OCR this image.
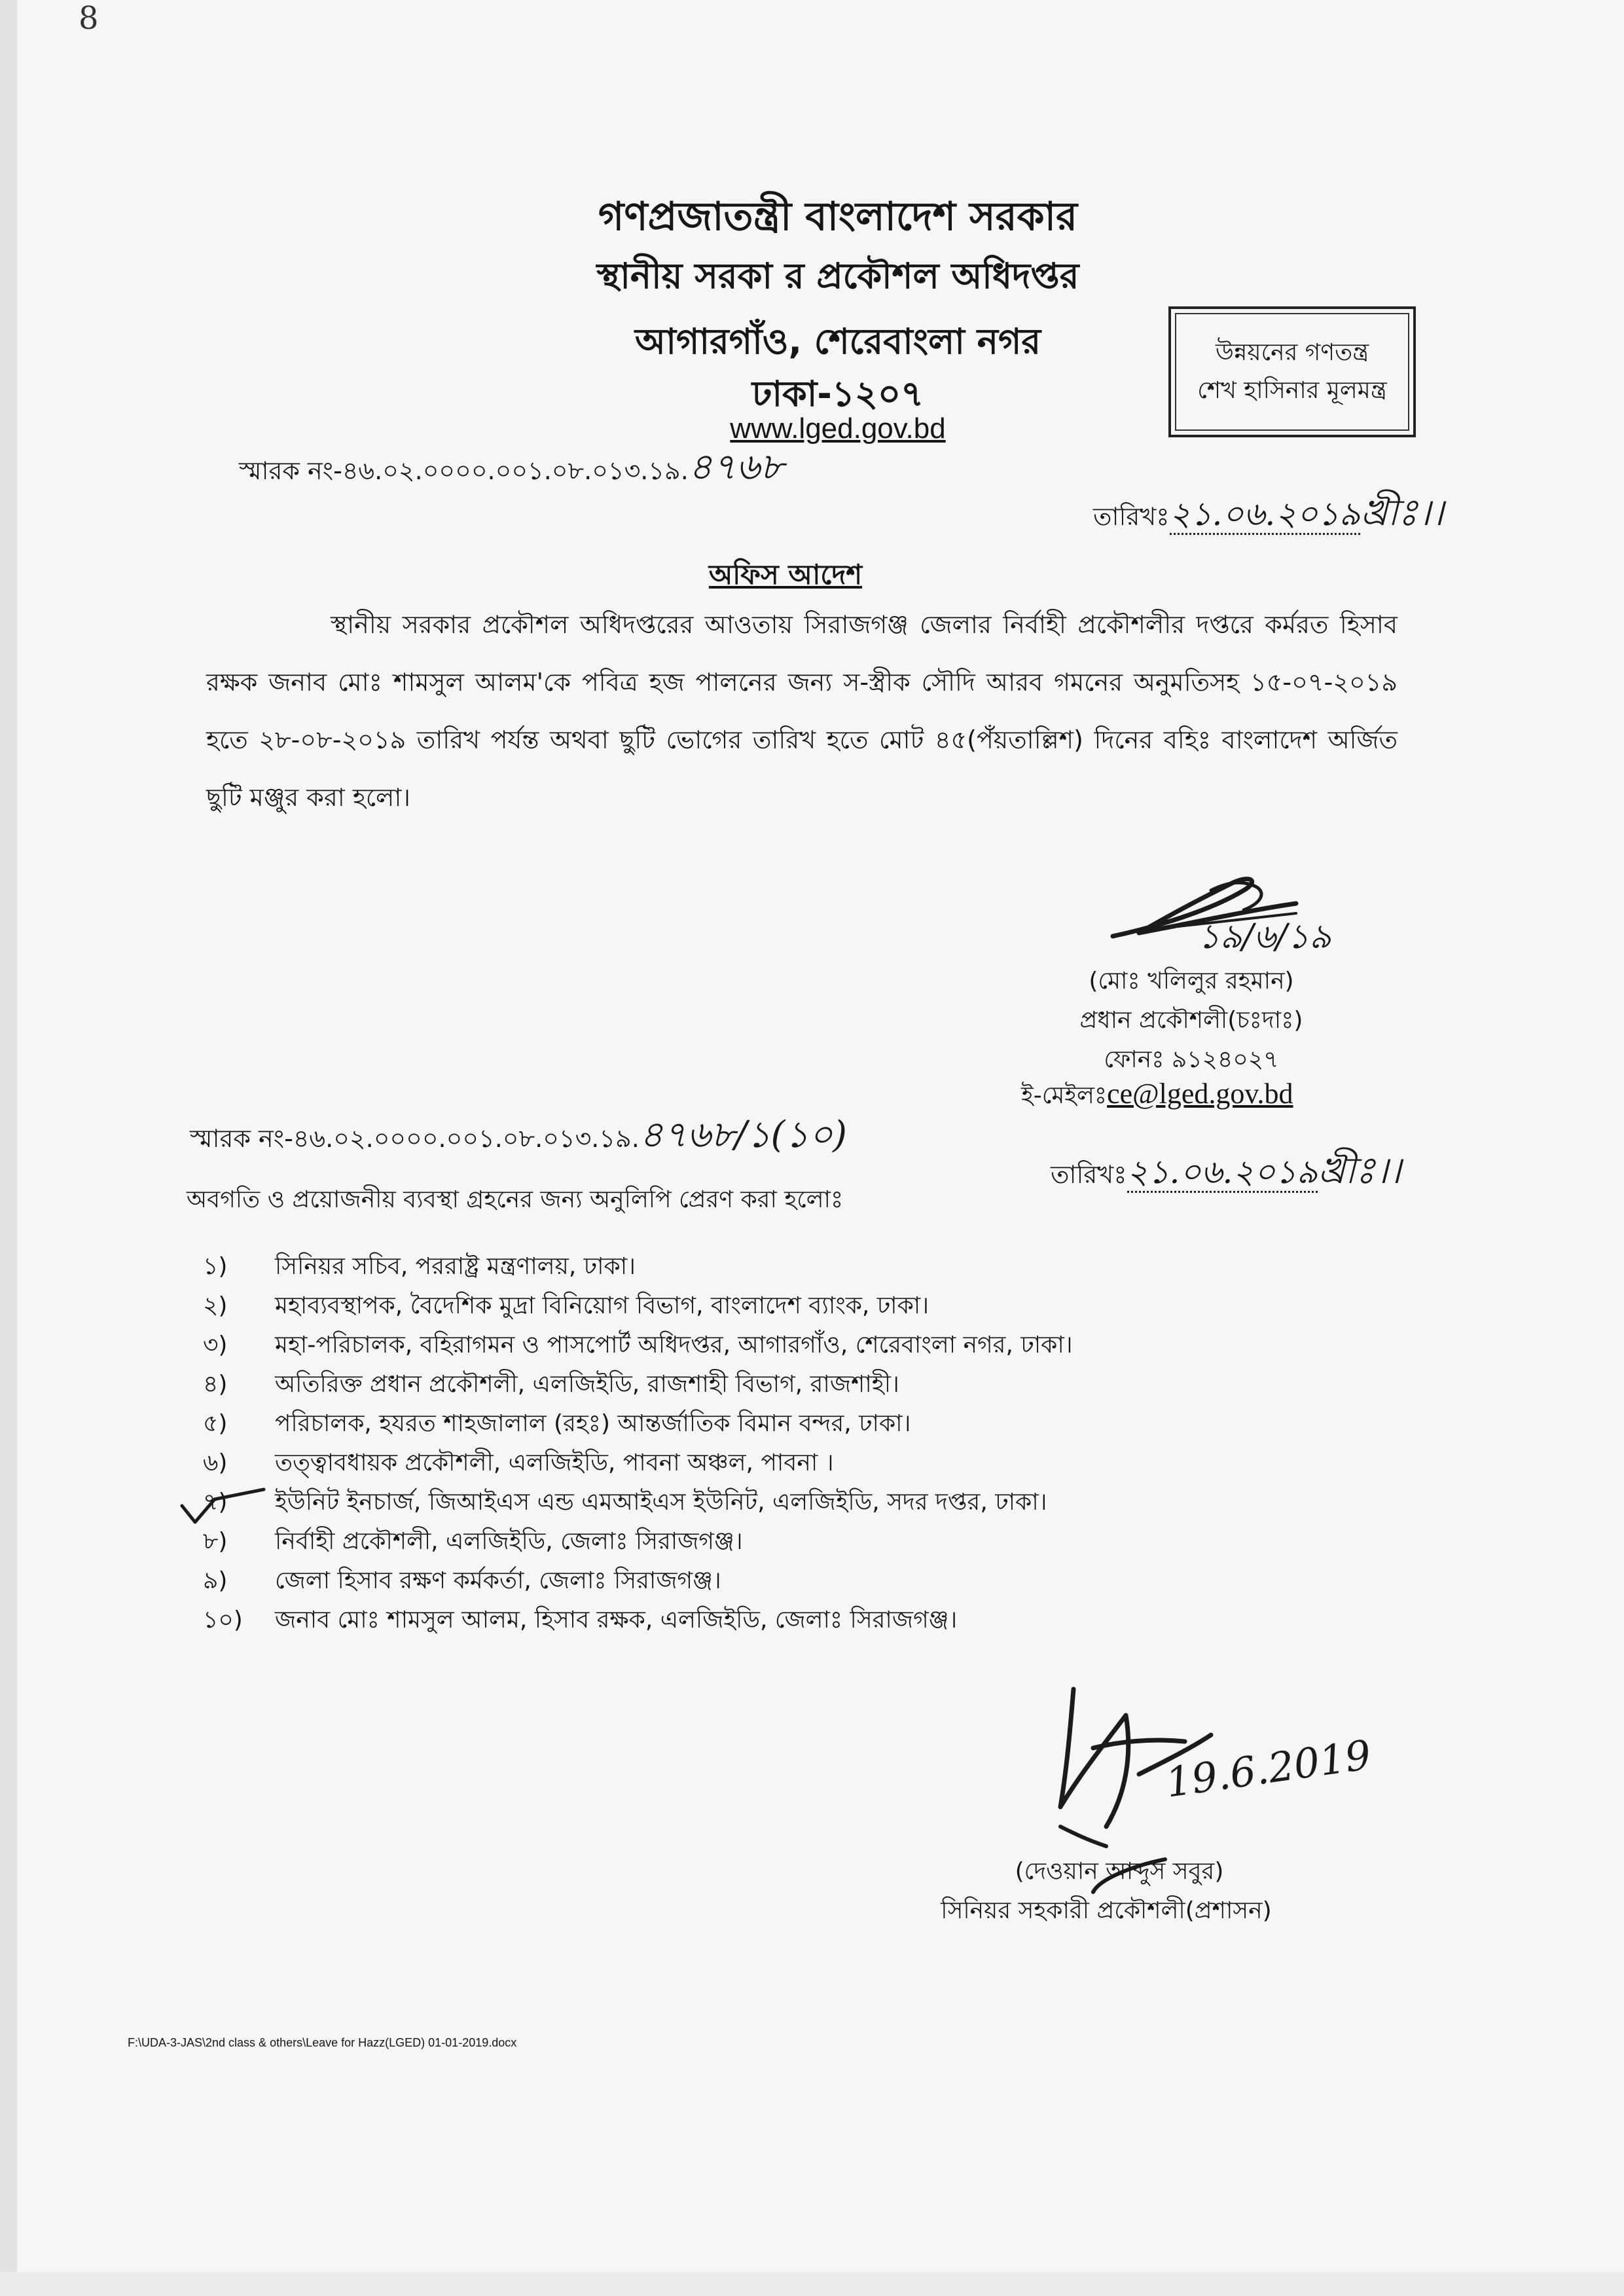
8
গণপ্রজাতন্ত্রী বাংলাদেশ সরকার
স্থানীয় সরকা র প্রকৌশল অধিদপ্তর
আগারগাঁও, শেরেবাংলা নগর
ঢাকা-১২০৭
www.lged.gov.bd
উন্নয়নের গণতন্ত্র
শেখ হাসিনার মূলমন্ত্র
স্মারক নং-৪৬.০২.০০০০.০০১.০৮.০১৩.১৯.৪৭৬৮
তারিখঃ২১.০৬.২০১৯খ্রীঃ।।
অফিস আদেশ
স্থানীয় সরকার প্রকৌশল অধিদপ্তরের আওতায় সিরাজগঞ্জ জেলার নির্বাহী প্রকৌশলীর দপ্তরে কর্মরত হিসাব রক্ষক জনাব মোঃ শামসুল আলম'কে পবিত্র হজ পালনের জন্য স-স্ত্রীক সৌদি আরব গমনের অনুমতিসহ ১৫-০৭-২০১৯ হতে ২৮-০৮-২০১৯ তারিখ পর্যন্ত অথবা ছুটি ভোগের তারিখ হতে মোট ৪৫(পঁয়তাল্লিশ) দিনের বহিঃ বাংলাদেশ অর্জিত ছুটি মঞ্জুর করা হলো।
১৯/৬/১৯
(মোঃ খলিলুর রহমান)
প্রধান প্রকৌশলী(চঃদাঃ)
ফোনঃ ৯১২৪০২৭
ই-মেইলঃce@lged.gov.bd
স্মারক নং-৪৬.০২.০০০০.০০১.০৮.০১৩.১৯.৪৭৬৮/১(১০)
তারিখঃ২১.০৬.২০১৯খ্রীঃ।।
অবগতি ও প্রয়োজনীয় ব্যবস্থা গ্রহনের জন্য অনুলিপি প্রেরণ করা হলোঃ
১)	সিনিয়র সচিব, পররাষ্ট্র মন্ত্রণালয়, ঢাকা।
২)	মহাব্যবস্থাপক, বৈদেশিক মুদ্রা বিনিয়োগ বিভাগ, বাংলাদেশ ব্যাংক, ঢাকা।
৩)	মহা-পরিচালক, বহিরাগমন ও পাসপোর্ট অধিদপ্তর, আগারগাঁও, শেরেবাংলা নগর, ঢাকা।
৪)	অতিরিক্ত প্রধান প্রকৌশলী, এলজিইডি, রাজশাহী বিভাগ, রাজশাহী।
৫)	পরিচালক, হযরত শাহজালাল (রহঃ) আন্তর্জাতিক বিমান বন্দর, ঢাকা।
৬)	তত্ত্বাবধায়ক প্রকৌশলী, এলজিইডি, পাবনা অঞ্চল, পাবনা ।
৭)	ইউনিট ইনচার্জ, জিআইএস এন্ড এমআইএস ইউনিট, এলজিইডি, সদর দপ্তর, ঢাকা।
৮)	নির্বাহী প্রকৌশলী, এলজিইডি, জেলাঃ সিরাজগঞ্জ।
৯)	জেলা হিসাব রক্ষণ কর্মকর্তা, জেলাঃ সিরাজগঞ্জ।
১০)	জনাব মোঃ শামসুল আলম, হিসাব রক্ষক, এলজিইডি, জেলাঃ সিরাজগঞ্জ।
19.6.2019
(দেওয়ান আব্দুস সবুর)
সিনিয়র সহকারী প্রকৌশলী(প্রশাসন)
F:\UDA-3-JAS\2nd class & others\Leave for Hazz(LGED) 01-01-2019.docx
